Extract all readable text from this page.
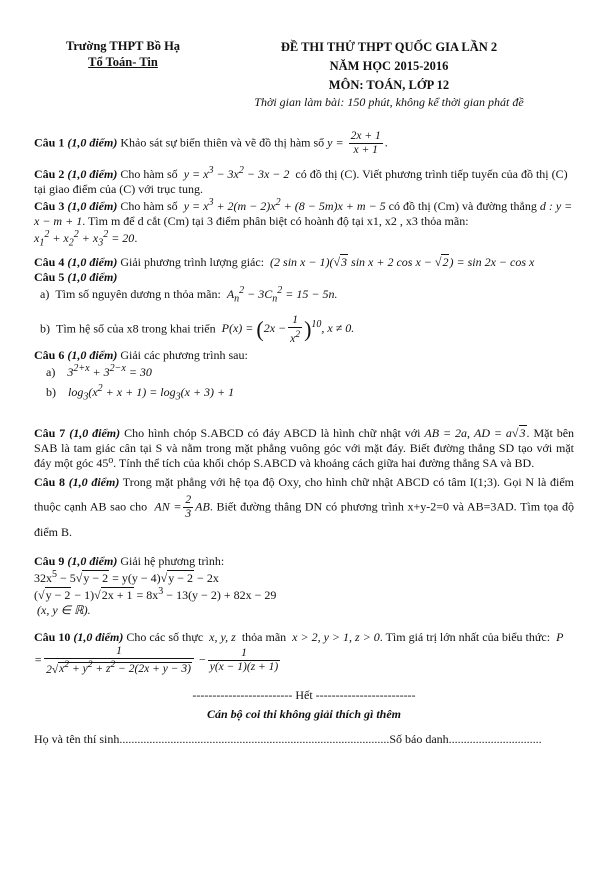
Trường THPT Bồ Hạ
Tổ Toán- Tin
ĐỀ THI THỬ THPT QUỐC GIA LẦN 2
NĂM HỌC 2015-2016
MÔN: TOÁN, LỚP 12
Thời gian làm bài: 150 phút, không kể thời gian phát đề

Câu 1 (1,0 điểm) Khảo sát sự biến thiên và vẽ đồ thị hàm số $y = \frac{2x + 1}{x + 1}$ .

Câu 2 (1,0 điểm) Cho hàm số  $y = x^3 - 3x^2 - 3x - 2$  có đồ thị (C). Viết phương trình tiếp tuyến của đồ thị (C) tại giao điểm của (C) với trục tung.

Câu 3 (1,0 điểm) Cho hàm số  $y = x^3 + 2(m - 2)x^2 + (8 - 5m)x + m - 5$ có đồ thị (Cm) và đường thẳng d : y = x − m + 1. Tìm m để d cắt (Cm) tại 3 điểm phân biệt có hoành độ tại x1, x2 , x3 thỏa mãn:
$x_1^2 + x_2^2 + x_3^2 = 20$.

Câu 4 (1,0 điểm) Giải phương trình lượng giác:  (2 sin x − 1)(√3 sin x + 2 cos x − √2) = sin 2x − cos x

Câu 5 (1,0 điểm)

a)  Tìm số nguyên dương n thỏa mãn:  $A_n^2 - 3C_n^2 = 15 - 5n$.
b)  Tìm hệ số của x8 trong khai triển  $P(x) = (2x - \frac{1}{x^2} )^{10}$, x ≠ 0.

Câu 6 (1,0 điểm) Giải các phương trình sau:

a)    $3^{2+x} + 3^{2-x} = 30$
b)    $\log_3(x^2 + x + 1) = \log_3(x + 3) + 1$

Câu 7 (1,0 điểm) Cho hình chóp S.ABCD có đáy ABCD là hình chữ nhật với AB = 2a, AD = a√3. Mặt bên SAB là tam giác cân tại S và nằm trong mặt phẳng vuông góc với mặt đáy. Biết đường thẳng SD tạo với mặt đáy một góc 45⁰. Tính thể tích của khối chóp S.ABCD và khoảng cách giữa hai đường thẳng SA và BD.

Câu 8 (1,0 điểm) Trong mặt phẳng với hệ tọa độ Oxy, cho hình chữ nhật ABCD có tâm I(1;3). Gọi N là điểm thuộc cạnh AB sao cho  AN = $\frac{2}{3}$ AB. Biết đường thẳng DN có phương trình x+y-2=0 và AB=3AD. Tìm tọa độ điểm B.

Câu 9 (1,0 điểm) Giải hệ phương trình:

$32x^5 - 5√y - 2 = y(y - 4)√y - 2 - 2x$
$(√y - 2 - 1)√2x + 1 = 8x^3 - 13(y - 2) + 82x - 29$
(x, y ∈ ℝ).

Câu 10 (1,0 điểm) Cho các số thực  x, y, z  thỏa mãn  x > 2, y > 1, z > 0. Tìm giá trị lớn nhất của biểu thức:  $P = \frac{1}{2√x^2 + y^2 + z^2 - 2(2x + y - 3)} - \frac{1}{y(x - 1)(z + 1)}$

------------------------- Hết -------------------------
Cán bộ coi thi không giải thích gì thêm
Họ và tên thí sinh..........................................................................................Số báo danh...............................
